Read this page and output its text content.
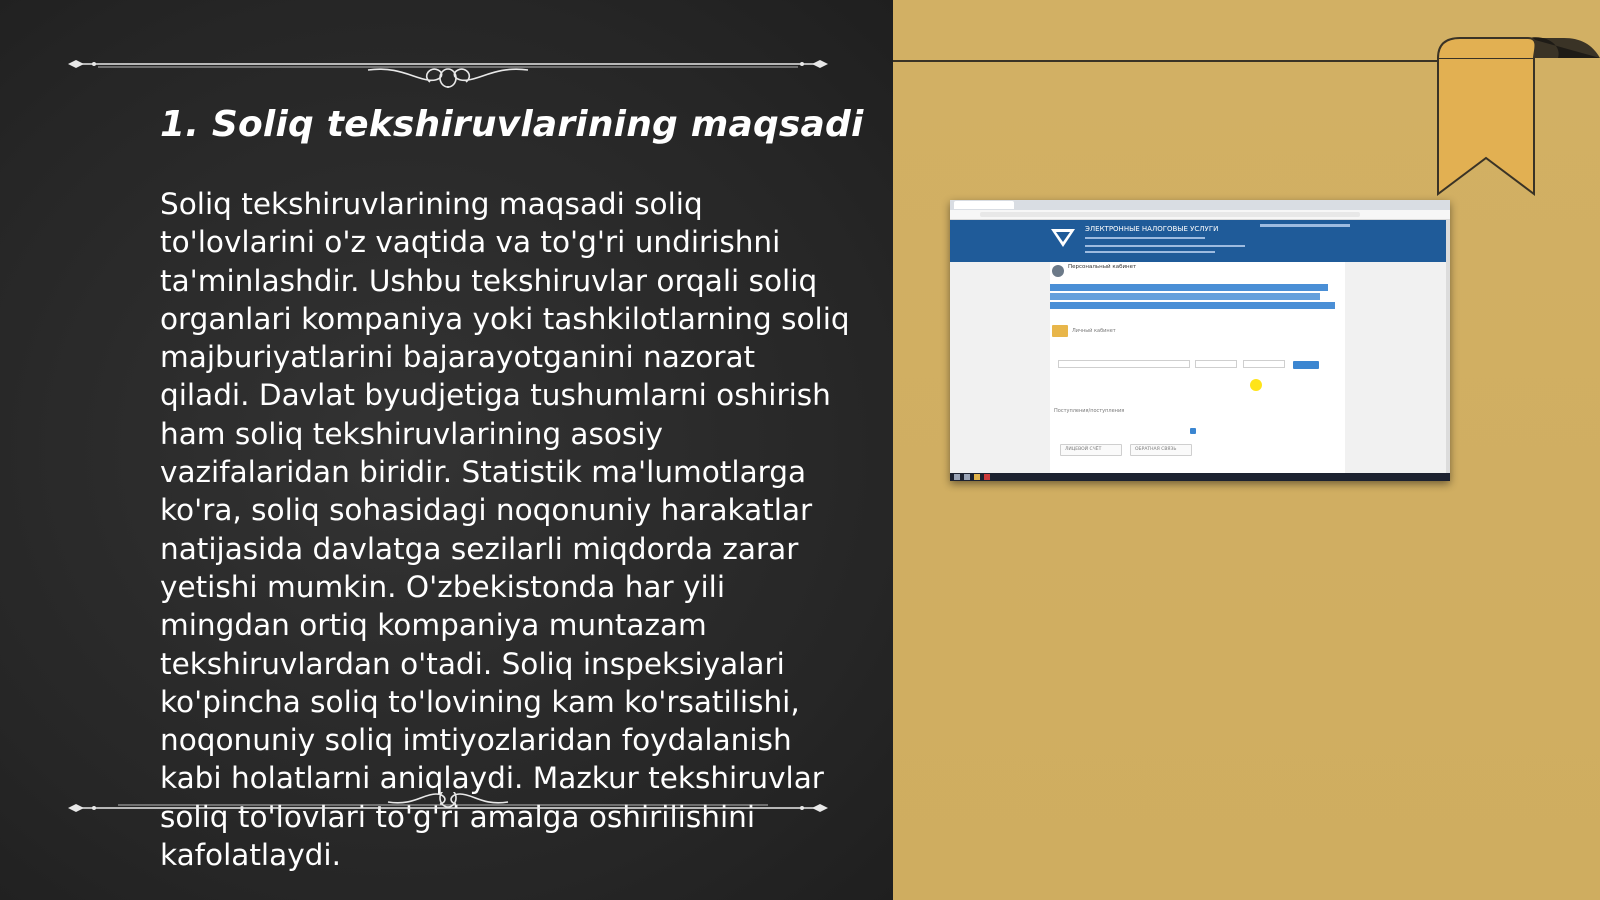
1. Soliq tekshiruvlarining maqsadi

Soliq tekshiruvlarining maqsadi soliq to'lovlarini o'z vaqtida va to'g'ri undirishni ta'minlashdir. Ushbu tekshiruvlar orqali soliq organlari kompaniya yoki tashkilotlarning soliq majburiyatlarini bajarayotganini nazorat qiladi. Davlat byudjetiga tushumlarni oshirish ham soliq tekshiruvlarining asosiy vazifalaridan biridir. Statistik ma'lumotlarga ko'ra, soliq sohasidagi noqonuniy harakatlar natijasida davlatga sezilarli miqdorda zarar yetishi mumkin. O'zbekistonda har yili mingdan ortiq kompaniya muntazam tekshiruvlardan o'tadi. Soliq inspeksiyalari ko'pincha soliq to'lovining kam ko'rsatilishi, noqonuniy soliq imtiyozlaridan foydalanish kabi holatlarni aniqlaydi. Mazkur tekshiruvlar soliq to'lovlari to'g'ri amalga oshirilishini kafolatlaydi.

ЭЛЕКТРОННЫЕ НАЛОГОВЫЕ УСЛУГИ
Персональный кабинет
Личный кабинет
Поступления/поступления
ЛИЦЕВОЙ СЧЁТ	ОБРАТНАЯ СВЯЗЬ
